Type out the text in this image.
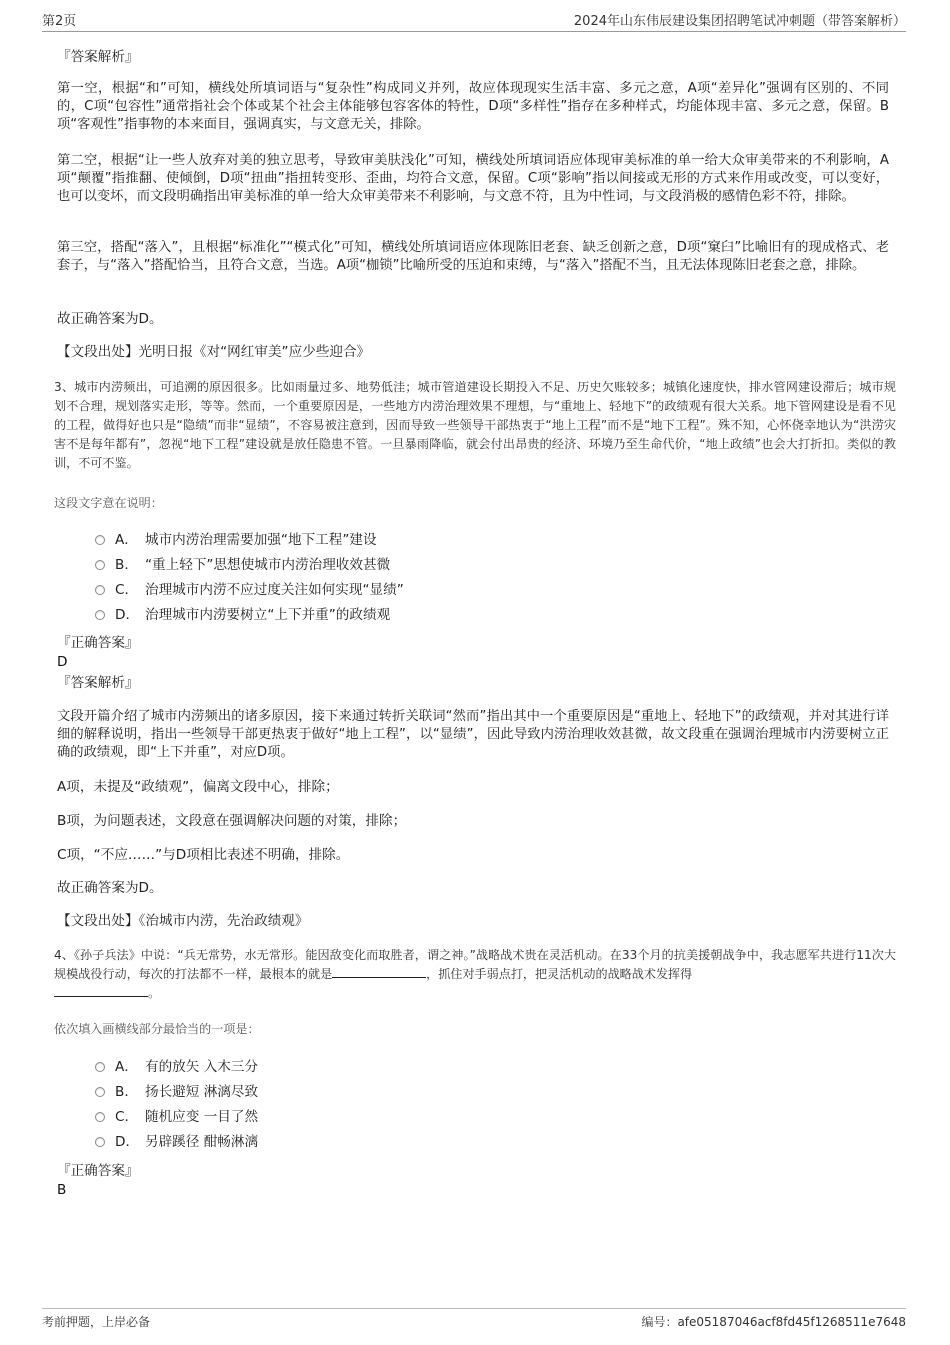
第2页	2024年山东伟辰建设集团招聘笔试冲刺题（带答案解析）
『答案解析』
第一空，根据“和”可知，横线处所填词语与“复杂性”构成同义并列，故应体现现实生活丰富、多元之意，A项“差异化”强调有区别的、不同的，C项“包容性”通常指社会个体或某个社会主体能够包容客体的特性，D项“多样性”指存在多种样式，均能体现丰富、多元之意，保留。B项“客观性”指事物的本来面目，强调真实，与文意无关，排除。
第二空，根据“让一些人放弃对美的独立思考，导致审美肤浅化”可知，横线处所填词语应体现审美标准的单一给大众审美带来的不利影响，A项“颠覆”指推翻、使倾倒，D项“扭曲”指扭转变形、歪曲，均符合文意，保留。C项“影响”指以间接或无形的方式来作用或改变，可以变好，也可以变坏，而文段明确指出审美标准的单一给大众审美带来不利影响，与文意不符，且为中性词，与文段消极的感情色彩不符，排除。
第三空，搭配“落入”，且根据“标准化”“模式化”可知，横线处所填词语应体现陈旧老套、缺乏创新之意，D项“窠臼”比喻旧有的现成格式、老套子，与“落入”搭配恰当，且符合文意，当选。A项“枷锁”比喻所受的压迫和束缚，与“落入”搭配不当，且无法体现陈旧老套之意，排除。
故正确答案为D。
【文段出处】光明日报《对“网红审美”应少些迎合》
3、城市内涝频出，可追溯的原因很多。比如雨量过多、地势低洼；城市管道建设长期投入不足、历史欠账较多；城镇化速度快，排水管网建设滞后；城市规划不合理，规划落实走形，等等。然而，一个重要原因是，一些地方内涝治理效果不理想，与“重地上、轻地下”的政绩观有很大关系。地下管网建设是看不见的工程，做得好也只是“隐绩”而非“显绩”，不容易被注意到，因而导致一些领导干部热衷于“地上工程”而不是“地下工程”。殊不知，心怀侥幸地认为“洪涝灾害不是每年都有”，忽视“地下工程”建设就是放任隐患不管。一旦暴雨降临，就会付出昂贵的经济、环境乃至生命代价，“地上政绩”也会大打折扣。类似的教训，不可不鉴。
这段文字意在说明：
A． 城市内涝治理需要加强“地下工程”建设
B． “重上轻下”思想使城市内涝治理收效甚微
C． 治理城市内涝不应过度关注如何实现“显绩”
D． 治理城市内涝要树立“上下并重”的政绩观
『正确答案』
D
『答案解析』
文段开篇介绍了城市内涝频出的诸多原因，接下来通过转折关联词“然而”指出其中一个重要原因是“重地上、轻地下”的政绩观，并对其进行详细的解释说明，指出一些领导干部更热衷于做好“地上工程”，以“显绩”，因此导致内涝治理收效甚微，故文段重在强调治理城市内涝要树立正确的政绩观，即“上下并重”，对应D项。
A项，未提及“政绩观”，偏离文段中心，排除；
B项，为问题表述，文段意在强调解决问题的对策，排除；
C项，“不应……”与D项相比表述不明确，排除。
故正确答案为D。
【文段出处】《治城市内涝，先治政绩观》
4、《孙子兵法》中说：“兵无常势，水无常形。能因敌变化而取胜者，谓之神。”战略战术贵在灵活机动。在33个月的抗美援朝战争中，我志愿军共进行11次大规模战役行动，每次的打法都不一样，最根本的就是	，抓住对手弱点打，把灵活机动的战略战术发挥得
。
依次填入画横线部分最恰当的一项是：
A． 有的放矢 入木三分
B． 扬长避短 淋漓尽致
C． 随机应变 一目了然
D． 另辟蹊径 酣畅淋漓
『正确答案』
B
考前押题，上岸必备	编号：afe05187046acf8fd45f1268511e7648
